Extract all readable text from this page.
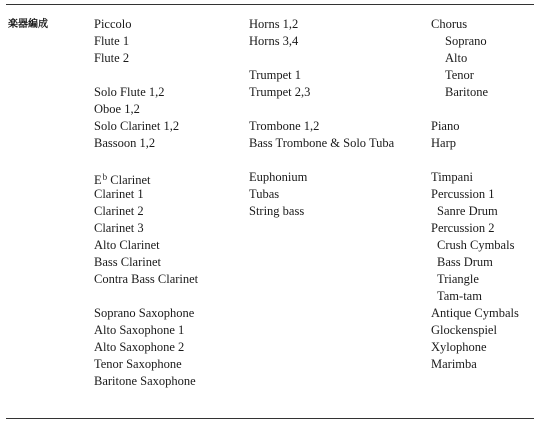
楽器編成	Piccolo
Flute 1
Flute 2
Solo Flute 1,2
Oboe 1,2
Solo Clarinet 1,2
Bassoon 1,2
$E^b$ Clarinet
Clarinet 1
Clarinet 2
Clarinet 3
Alto Clarinet
Bass Clarinet
Contra Bass Clarinet
Soprano Saxophone
Alto Saxophone 1
Alto Saxophone 2
Tenor Saxophone
Baritone Saxophone
Horns 1,2
Horns 3,4
Trumpet 1
Trumpet 2,3
Trombone 1,2
Bass Trombone & Solo Tuba
Euphonium
Tubas
String bass
Chorus
Soprano
Alto
Tenor
Baritone
Piano
Harp
Timpani
Percussion 1
Sanre Drum
Percussion 2
Crush Cymbals
Bass Drum
Triangle
Tam-tam
Antique Cymbals
Glockenspiel
Xylophone
Marimba
